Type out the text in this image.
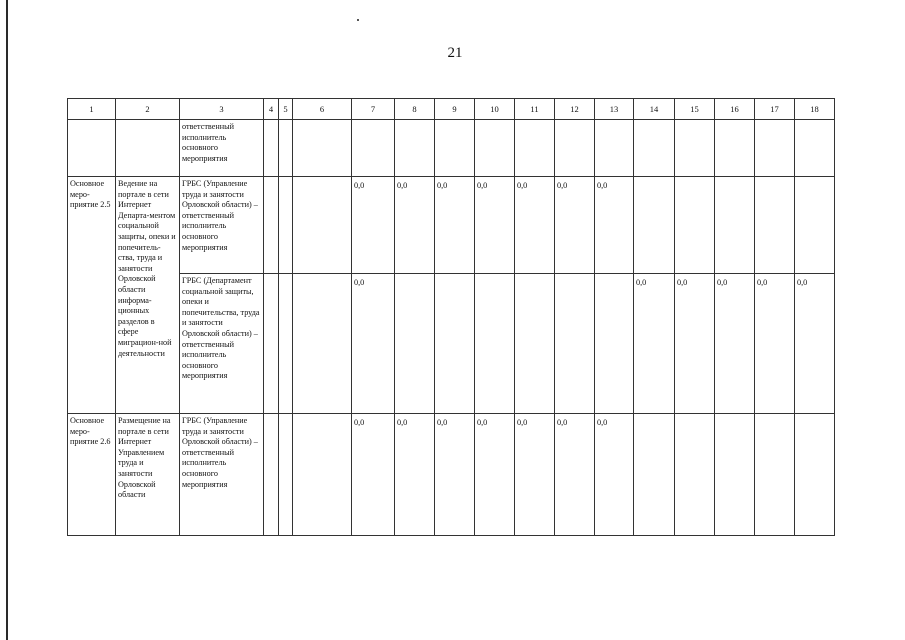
21
1	2	3	4	5	6	7	8	9	10	11	12	13	14	15	16	17	18
		ответственный исполнитель основного мероприятия															
Основное меро-приятие 2.5	Ведение на портале в сети Интернет Департа-ментом социальной защиты, опеки и попечитель-ства, труда и занятости Орловской области информа-ционных разделов в сфере миграцион-ной деятельности	ГРБС (Управление труда и занятости Орловской области) – ответственный исполнитель основного мероприятия				0,0	0,0	0,0	0,0	0,0	0,0	0,0					
		ГРБС (Департамент социальной защиты, опеки и попечительства, труда и занятости Орловской области) – ответственный исполнитель основного мероприятия				0,0							0,0	0,0	0,0	0,0	0,0
Основное меро-приятие 2.6	Размещение на портале в сети Интернет Управлением труда и занятости Орловской области	ГРБС (Управление труда и занятости Орловской области) – ответственный исполнитель основного мероприятия				0,0	0,0	0,0	0,0	0,0	0,0	0,0					
